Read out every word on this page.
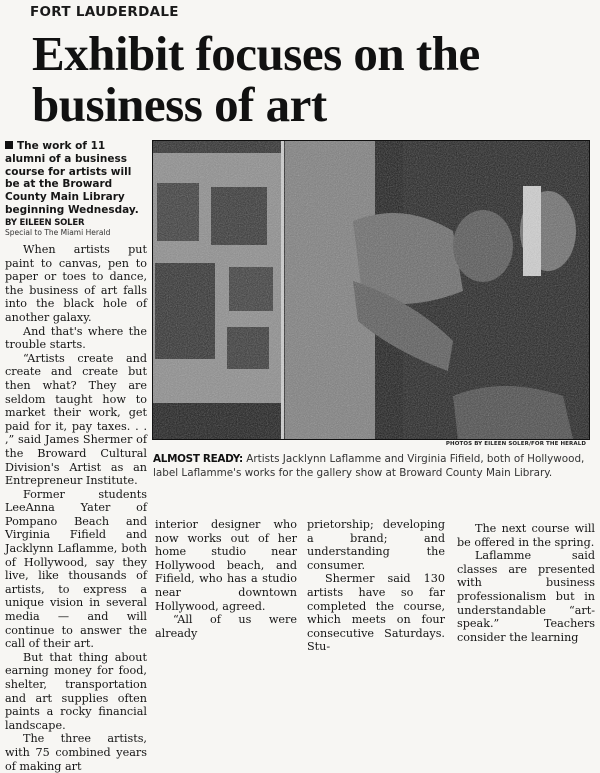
FORT LAUDERDALE
Exhibit focuses on the business of art
The work of 11 alumni of a business course for artists will be at the Broward County Main Library beginning Wednesday.
BY EILEEN SOLER
Special to The Miami Herald

When artists put paint to canvas, pen to paper or toes to dance, the business of art falls into the black hole of another galaxy.

And that's where the trouble starts.

“Artists create and create and create but then what? They are seldom taught how to market their work, get paid for it, pay taxes. . . ,” said James Shermer of the Broward Cultural Division's Artist as an Entrepreneur Institute.

Former students LeeAnna Yater of Pompano Beach and Virginia Fifield and Jacklynn Laflamme, both of Hollywood, say they live, like thousands of artists, to express a unique vision in several media — and will continue to answer the call of their art.

But that thing about earning money for food, shelter, transportation and art supplies often paints a rocky financial landscape.

The three artists, with 75 combined years of making art

PHOTOS BY EILEEN SOLER/FOR THE HERALD
ALMOST READY: Artists Jacklynn Laflamme and Virginia Fifield, both of Hollywood, label Laflamme's works for the gallery show at Broward County Main Library.

interior designer who now works out of her home studio near Hollywood beach, and Fifield, who has a studio near downtown Hollywood, agreed.

“All of us were already

prietorship; developing a brand; and understanding the consumer.

Shermer said 130 artists have so far completed the course, which meets on four consecutive Saturdays. Stu-

The next course will be offered in the spring.

Laflamme said classes are presented with business professionalism but in understandable “art-speak.” Teachers consider the learning
